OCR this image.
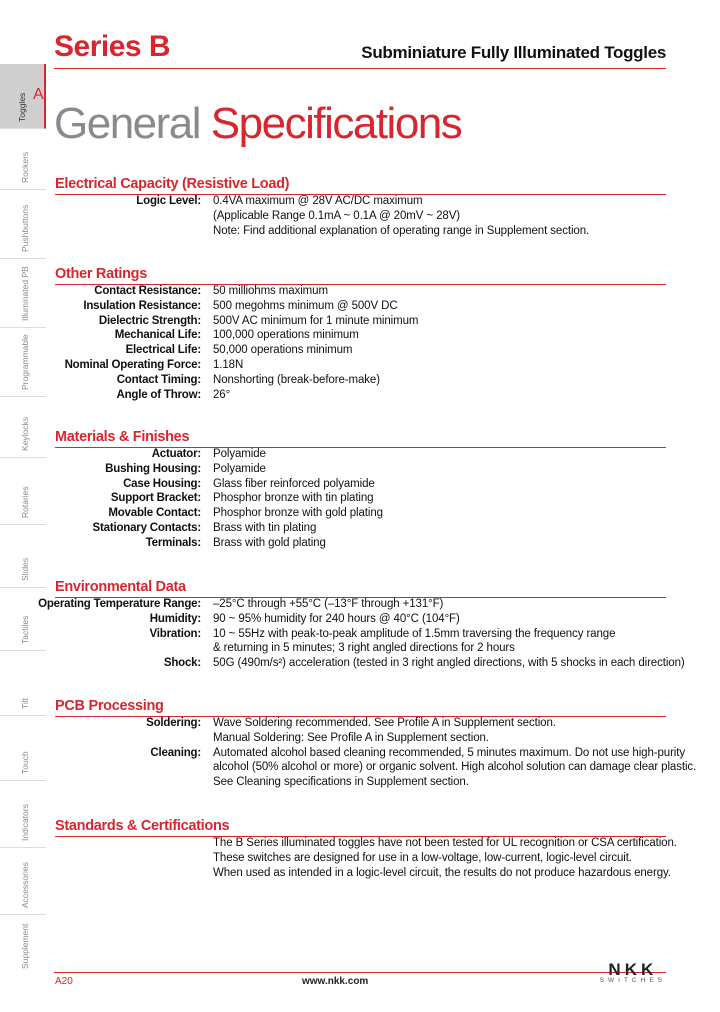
Series B	Subminiature Fully Illuminated Toggles
Toggles A
Rockers
Pushbuttons
Illuminated PB
Programmable
Keylocks
Rotaries
Slides
Tactiles
Tilt
Touch
Indicators
Accessories
Supplement
General Specifications
Electrical Capacity (Resistive Load)
Logic Level: 0.4VA maximum @ 28V AC/DC maximum
(Applicable Range 0.1mA ~ 0.1A @ 20mV ~ 28V)
Note: Find additional explanation of operating range in Supplement section.
Other Ratings
Contact Resistance: 50 milliohms maximum
Insulation Resistance: 500 megohms minimum @ 500V DC
Dielectric Strength: 500V AC minimum for 1 minute minimum
Mechanical Life: 100,000 operations minimum
Electrical Life: 50,000 operations minimum
Nominal Operating Force: 1.18N
Contact Timing: Nonshorting (break-before-make)
Angle of Throw: 26°
Materials & Finishes
Actuator: Polyamide
Bushing Housing: Polyamide
Case Housing: Glass fiber reinforced polyamide
Support Bracket: Phosphor bronze with tin plating
Movable Contact: Phosphor bronze with gold plating
Stationary Contacts: Brass with tin plating
Terminals: Brass with gold plating
Environmental Data
Operating Temperature Range: –25°C through +55°C (–13°F through +131°F)
Humidity: 90 ~ 95% humidity for 240 hours @ 40°C (104°F)
Vibration: 10 ~ 55Hz with peak-to-peak amplitude of 1.5mm traversing the frequency range
& returning in 5 minutes; 3 right angled directions for 2 hours
Shock: 50G (490m/s²) acceleration (tested in 3 right angled directions, with 5 shocks in each direction)
PCB Processing
Soldering: Wave Soldering recommended. See Profile A in Supplement section.
Manual Soldering: See Profile A in Supplement section.
Cleaning: Automated alcohol based cleaning recommended, 5 minutes maximum. Do not use high-purity
alcohol (50% alcohol or more) or organic solvent. High alcohol solution can damage clear plastic.
See Cleaning specifications in Supplement section.
Standards & Certifications
The B Series illuminated toggles have not been tested for UL recognition or CSA certification.
These switches are designed for use in a low-voltage, low-current, logic-level circuit.
When used as intended in a logic-level circuit, the results do not produce hazardous energy.
A20	www.nkk.com
NKK
SWITCHES
